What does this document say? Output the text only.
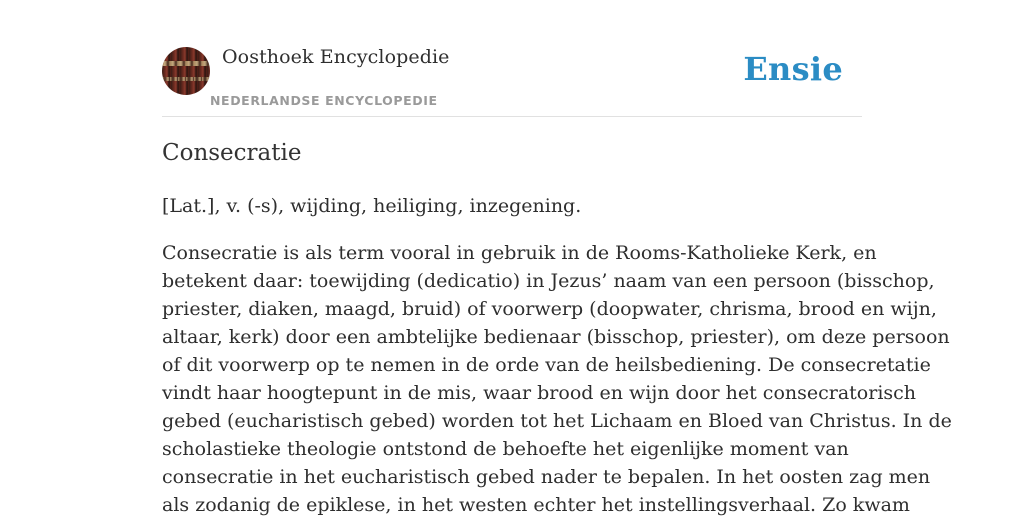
Oosthoek Encyclopedie
NEDERLANDSE ENCYCLOPEDIE
Ensie
Consecratie

[Lat.], v. (-s), wijding, heiliging, inzegening.

Consecratie is als term vooral in gebruik in de Rooms-Katholieke Kerk, en
betekent daar: toewijding (dedicatio) in Jezus’ naam van een persoon (bisschop,
priester, diaken, maagd, bruid) of voorwerp (doopwater, chrisma, brood en wijn,
altaar, kerk) door een ambtelijke bedienaar (bisschop, priester), om deze persoon
of dit voorwerp op te nemen in de orde van de heilsbediening. De consecretatie
vindt haar hoogtepunt in de mis, waar brood en wijn door het consecratorisch
gebed (eucharistisch gebed) worden tot het Lichaam en Bloed van Christus. In de
scholastieke theologie ontstond de behoefte het eigenlijke moment van
consecratie in het eucharistisch gebed nader te bepalen. In het oosten zag men
als zodanig de epiklese, in het westen echter het instellingsverhaal. Zo kwam
